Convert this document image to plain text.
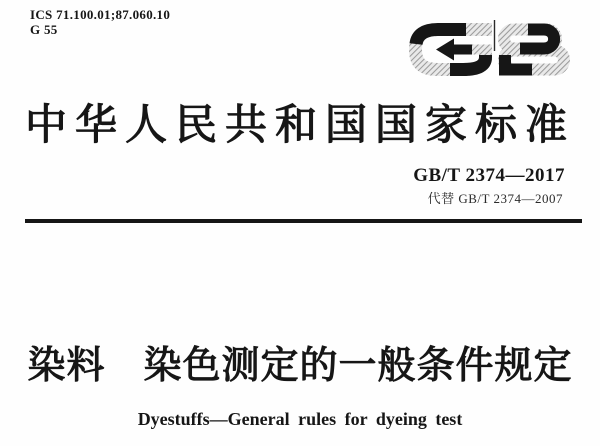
ICS 71.100.01;87.060.10
G 55
中华人民共和国国家标准
GB/T 2374—2017
代替 GB/T 2374—2007
染料 染色测定的一般条件规定
Dyestuffs—General rules for dyeing test
